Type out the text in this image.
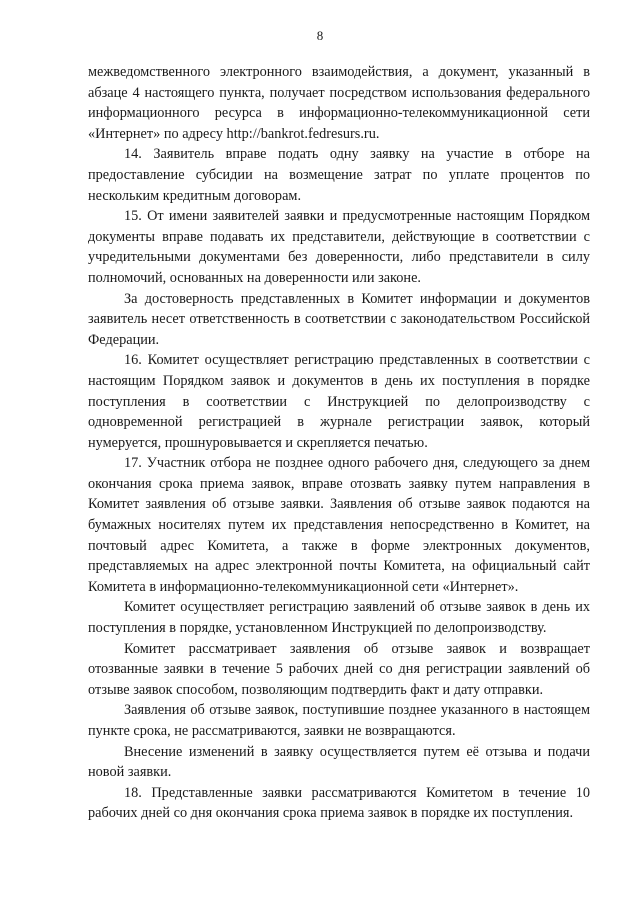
8

межведомственного электронного взаимодействия, а документ, указанный в абзаце 4 настоящего пункта, получает посредством использования федерального информационного ресурса в информационно-телекоммуникационной сети «Интернет» по адресу http://bankrot.fedresurs.ru.

14. Заявитель вправе подать одну заявку на участие в отборе на предоставление субсидии на возмещение затрат по уплате процентов по нескольким кредитным договорам.

15. От имени заявителей заявки и предусмотренные настоящим Порядком документы вправе подавать их представители, действующие в соответствии с учредительными документами без доверенности, либо представители в силу полномочий, основанных на доверенности или законе.

За достоверность представленных в Комитет информации и документов заявитель несет ответственность в соответствии с законодательством Российской Федерации.

16. Комитет осуществляет регистрацию представленных в соответствии с настоящим Порядком заявок и документов в день их поступления в порядке поступления в соответствии с Инструкцией по делопроизводству с одновременной регистрацией в журнале регистрации заявок, который нумеруется, прошнуровывается и скрепляется печатью.

17. Участник отбора не позднее одного рабочего дня, следующего за днем окончания срока приема заявок, вправе отозвать заявку путем направления в Комитет заявления об отзыве заявки. Заявления об отзыве заявок подаются на бумажных носителях путем их представления непосредственно в Комитет, на почтовый адрес Комитета, а также в форме электронных документов, представляемых на адрес электронной почты Комитета, на официальный сайт Комитета в информационно-телекоммуникационной сети «Интернет».

Комитет осуществляет регистрацию заявлений об отзыве заявок в день их поступления в порядке, установленном Инструкцией по делопроизводству.

Комитет рассматривает заявления об отзыве заявок и возвращает отозванные заявки в течение 5 рабочих дней со дня регистрации заявлений об отзыве заявок способом, позволяющим подтвердить факт и дату отправки.

Заявления об отзыве заявок, поступившие позднее указанного в настоящем пункте срока, не рассматриваются, заявки не возвращаются.

Внесение изменений в заявку осуществляется путем её отзыва и подачи новой заявки.

18. Представленные заявки рассматриваются Комитетом в течение 10 рабочих дней со дня окончания срока приема заявок в порядке их поступления.
